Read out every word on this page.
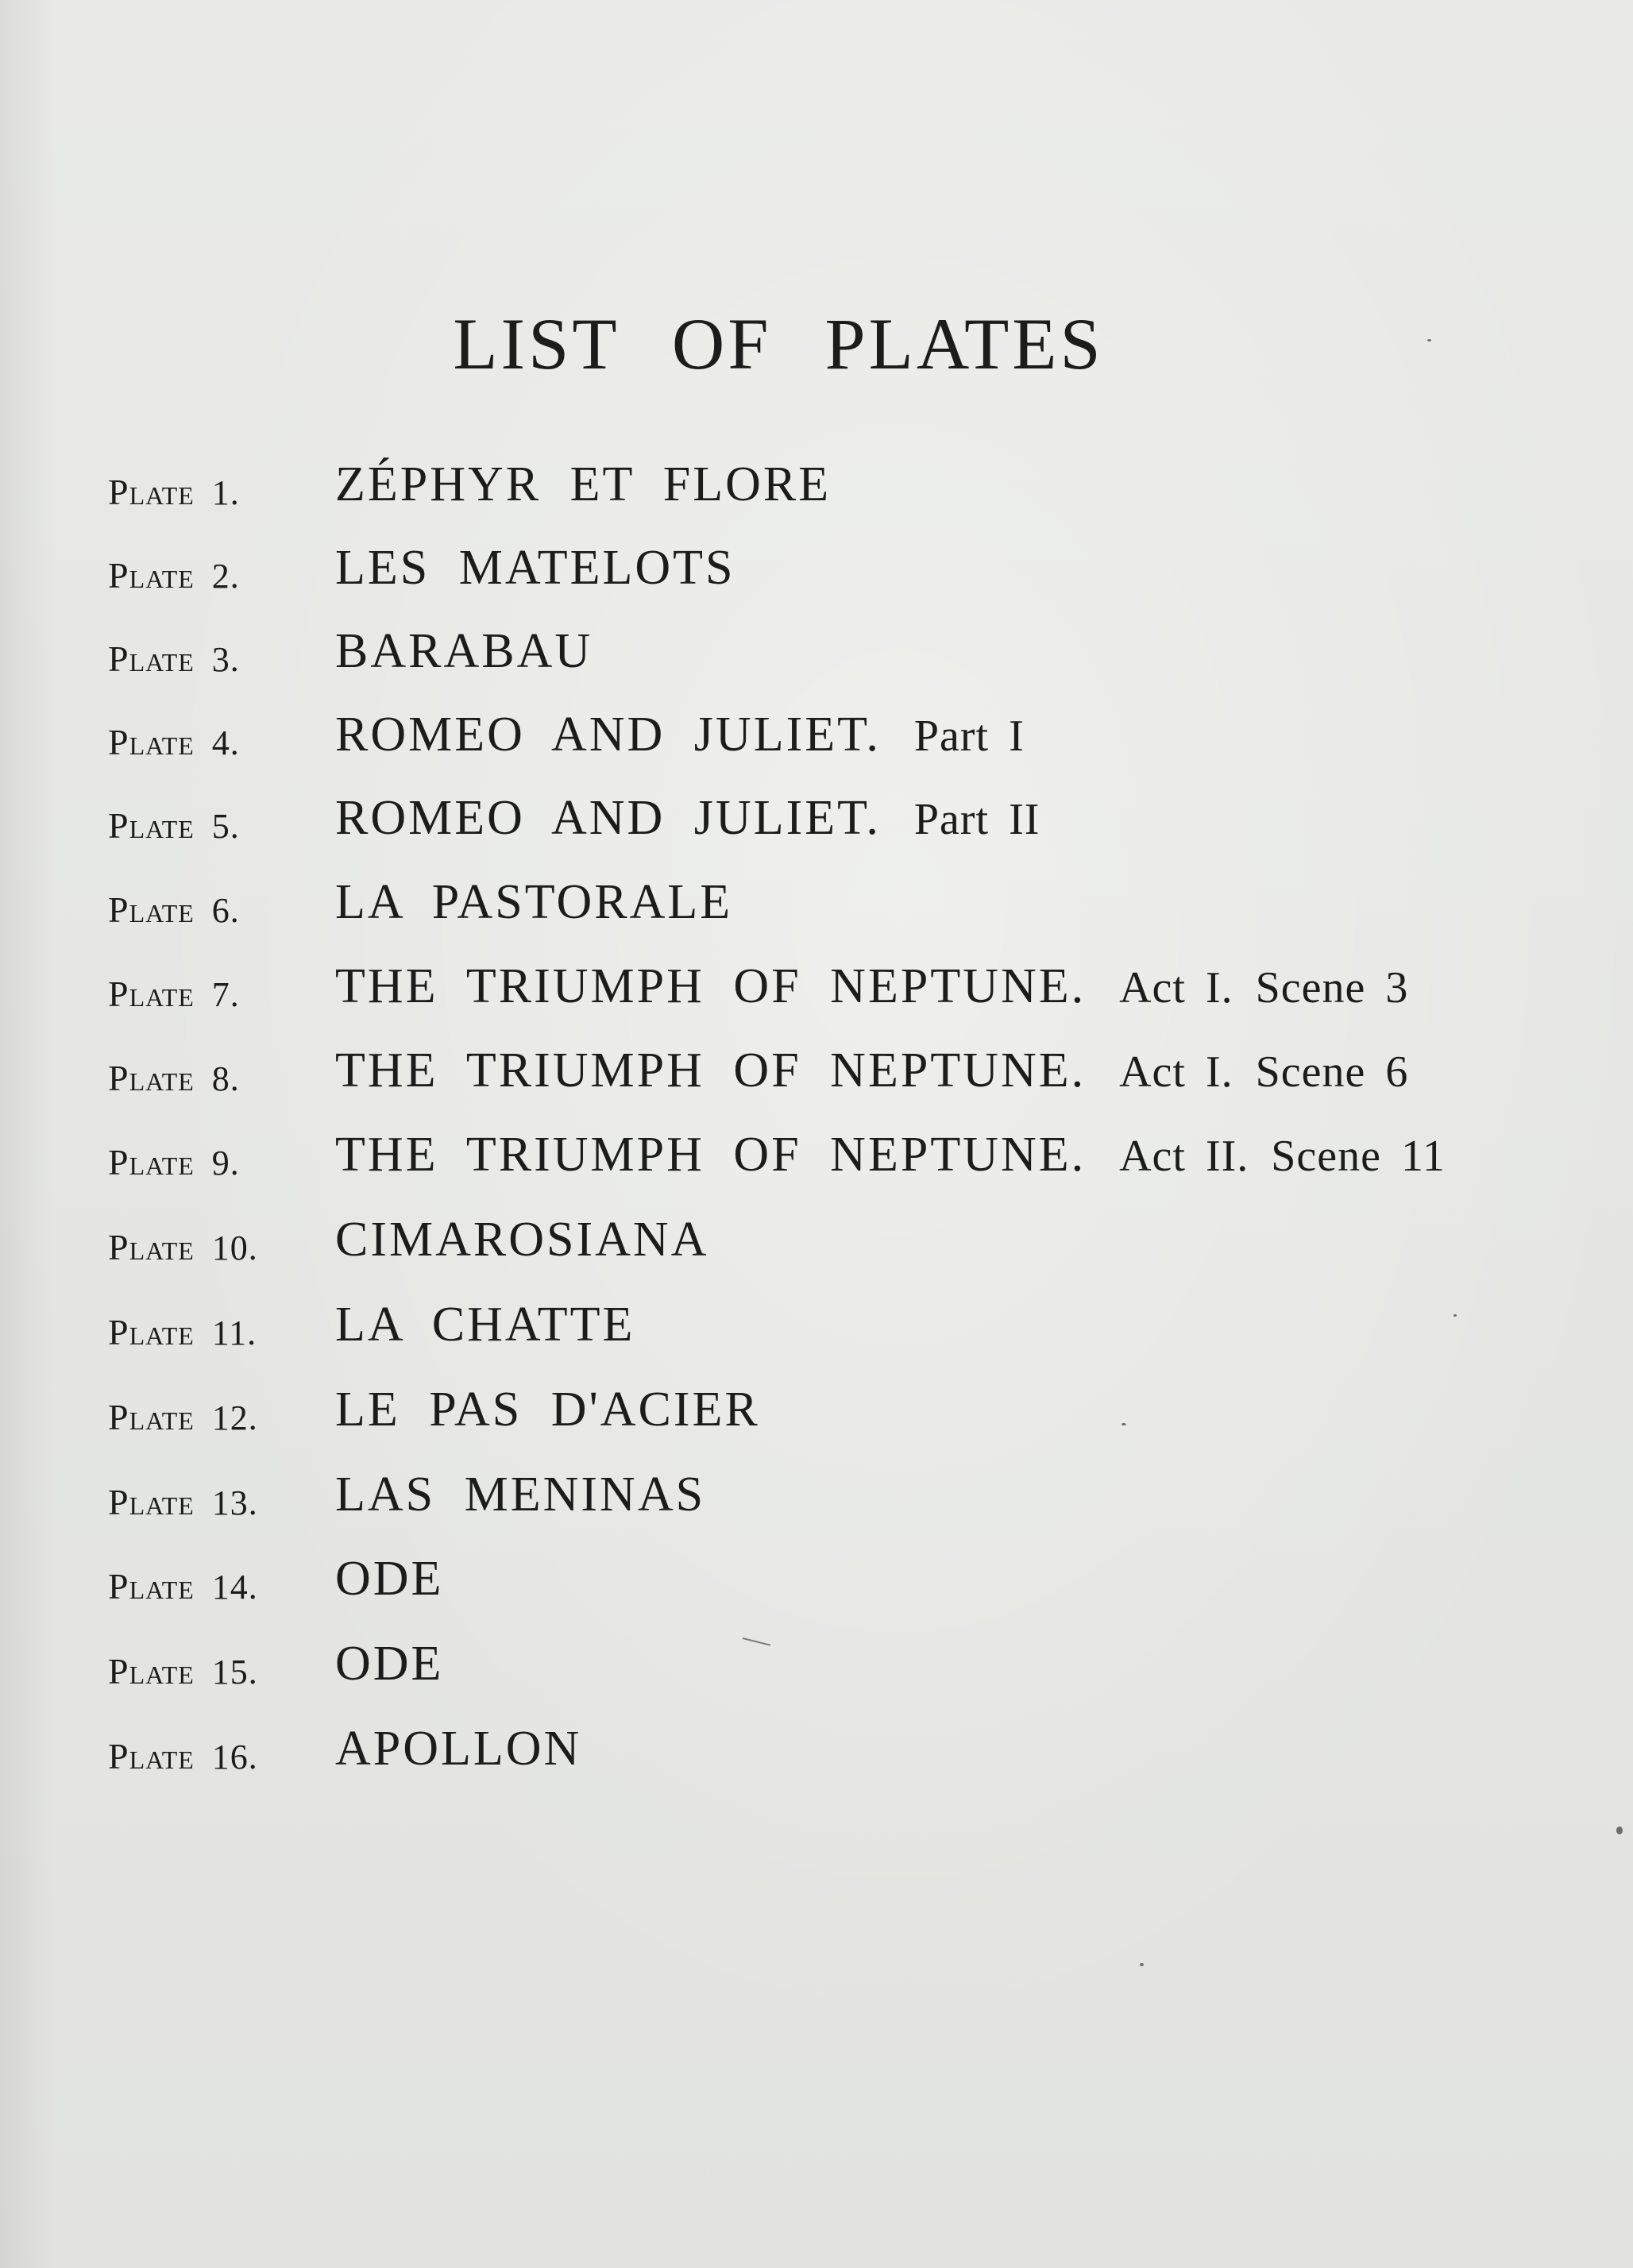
LIST OF PLATES
Plate 1. ZÉPHYR ET FLORE
Plate 2. LES MATELOTS
Plate 3. BARABAU
Plate 4. ROMEO AND JULIET. Part I
Plate 5. ROMEO AND JULIET. Part II
Plate 6. LA PASTORALE
Plate 7. THE TRIUMPH OF NEPTUNE. Act I. Scene 3
Plate 8. THE TRIUMPH OF NEPTUNE. Act I. Scene 6
Plate 9. THE TRIUMPH OF NEPTUNE. Act II. Scene 11
Plate 10. CIMAROSIANA
Plate 11. LA CHATTE
Plate 12. LE PAS D'ACIER
Plate 13. LAS MENINAS
Plate 14. ODE
Plate 15. ODE
Plate 16. APOLLON
